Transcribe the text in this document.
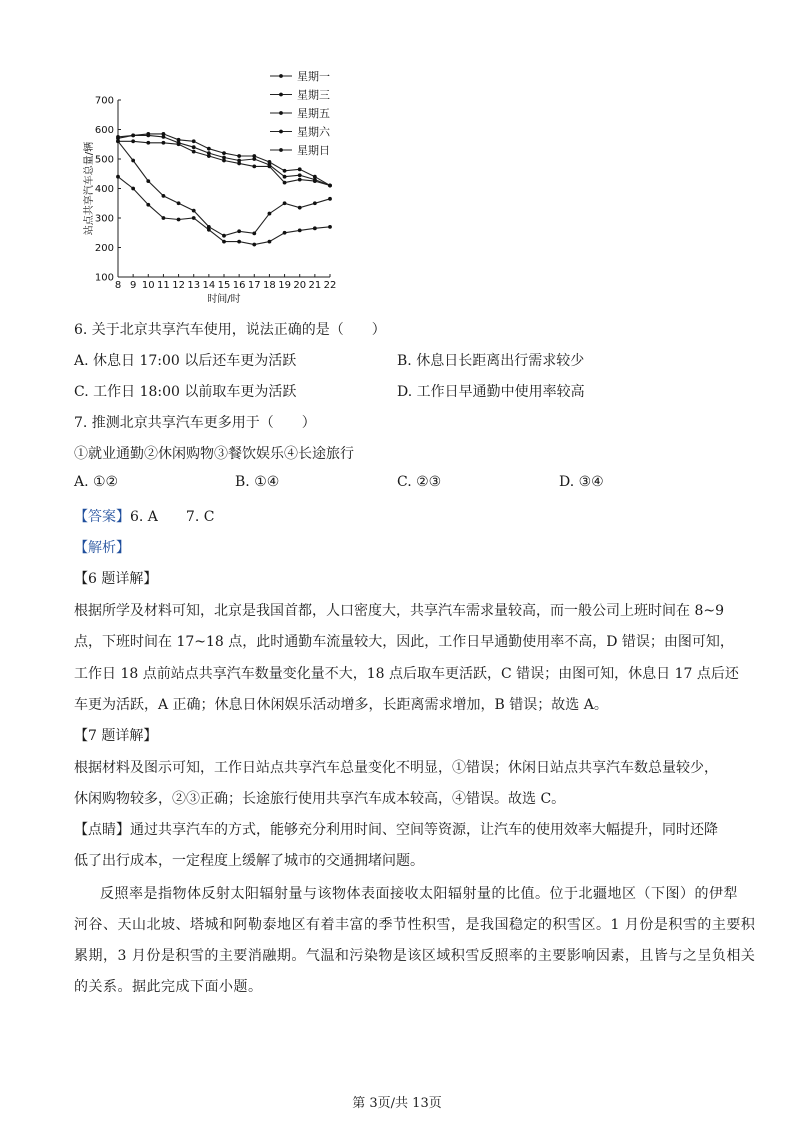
100
200
300
400
500
600
700
8 9 10 11 12 13 14 15 16 17 18 19 20 21 22
星期一
星期三
星期五
星期六
星期日
站点共享汽车总量/辆
时间/时
6. 关于北京共享汽车使用，说法正确的是（　　）
A. 休息日 17:00 以后还车更为活跃	B. 休息日长距离出行需求较少
C. 工作日 18:00 以前取车更为活跃	D. 工作日早通勤中使用率较高
7. 推测北京共享汽车更多用于（　　）
①就业通勤②休闲购物③餐饮娱乐④长途旅行
A. ①②	B. ①④	C. ②③	D. ③④
【答案】6. A　　7. C
【解析】
【6 题详解】
根据所学及材料可知，北京是我国首都，人口密度大，共享汽车需求量较高，而一般公司上班时间在 8~9
点，下班时间在 17~18 点，此时通勤车流量较大，因此，工作日早通勤使用率不高，D 错误；由图可知，
工作日 18 点前站点共享汽车数量变化量不大，18 点后取车更活跃，C 错误；由图可知，休息日 17 点后还
车更为活跃，A 正确；休息日休闲娱乐活动增多，长距离需求增加，B 错误；故选 A。
【7 题详解】
根据材料及图示可知，工作日站点共享汽车总量变化不明显，①错误；休闲日站点共享汽车数总量较少，
休闲购物较多，②③正确；长途旅行使用共享汽车成本较高，④错误。故选 C。
【点睛】通过共享汽车的方式，能够充分利用时间、空间等资源，让汽车的使用效率大幅提升，同时还降
低了出行成本，一定程度上缓解了城市的交通拥堵问题。
反照率是指物体反射太阳辐射量与该物体表面接收太阳辐射量的比值。位于北疆地区（下图）的伊犁
河谷、天山北坡、塔城和阿勒泰地区有着丰富的季节性积雪，是我国稳定的积雪区。1 月份是积雪的主要积
累期，3 月份是积雪的主要消融期。气温和污染物是该区域积雪反照率的主要影响因素，且皆与之呈负相关
的关系。据此完成下面小题。
第 3页/共 13页
